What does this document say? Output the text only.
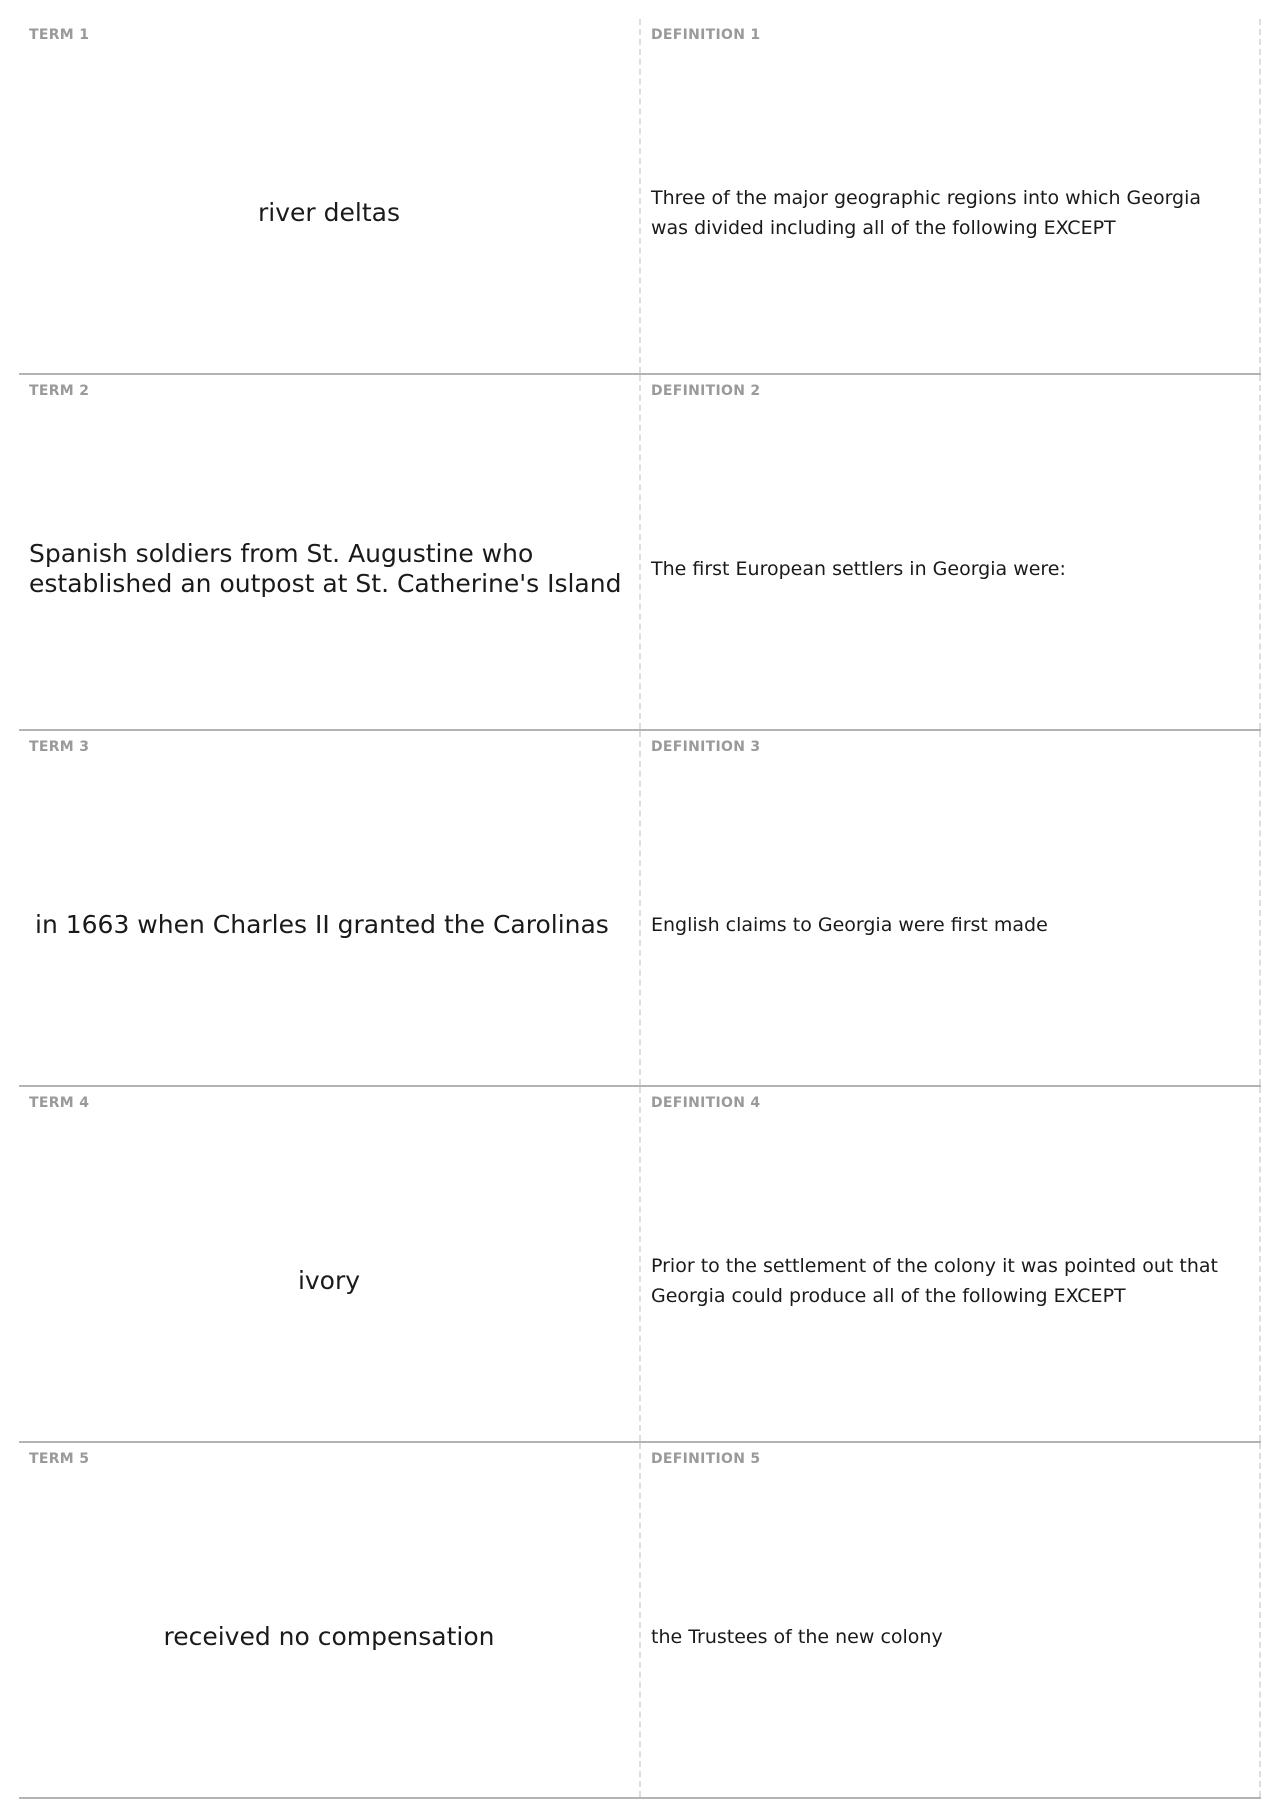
TERM 1
river deltas
DEFINITION 1
Three of the major geographic regions into which Georgia was divided including all of the following EXCEPT
TERM 2
Spanish soldiers from St. Augustine who established an outpost at St. Catherine's Island
DEFINITION 2
The first European settlers in Georgia were:
TERM 3
in 1663 when Charles II granted the Carolinas
DEFINITION 3
English claims to Georgia were first made
TERM 4
ivory
DEFINITION 4
Prior to the settlement of the colony it was pointed out that Georgia could produce all of the following EXCEPT
TERM 5
received no compensation
DEFINITION 5
the Trustees of the new colony
